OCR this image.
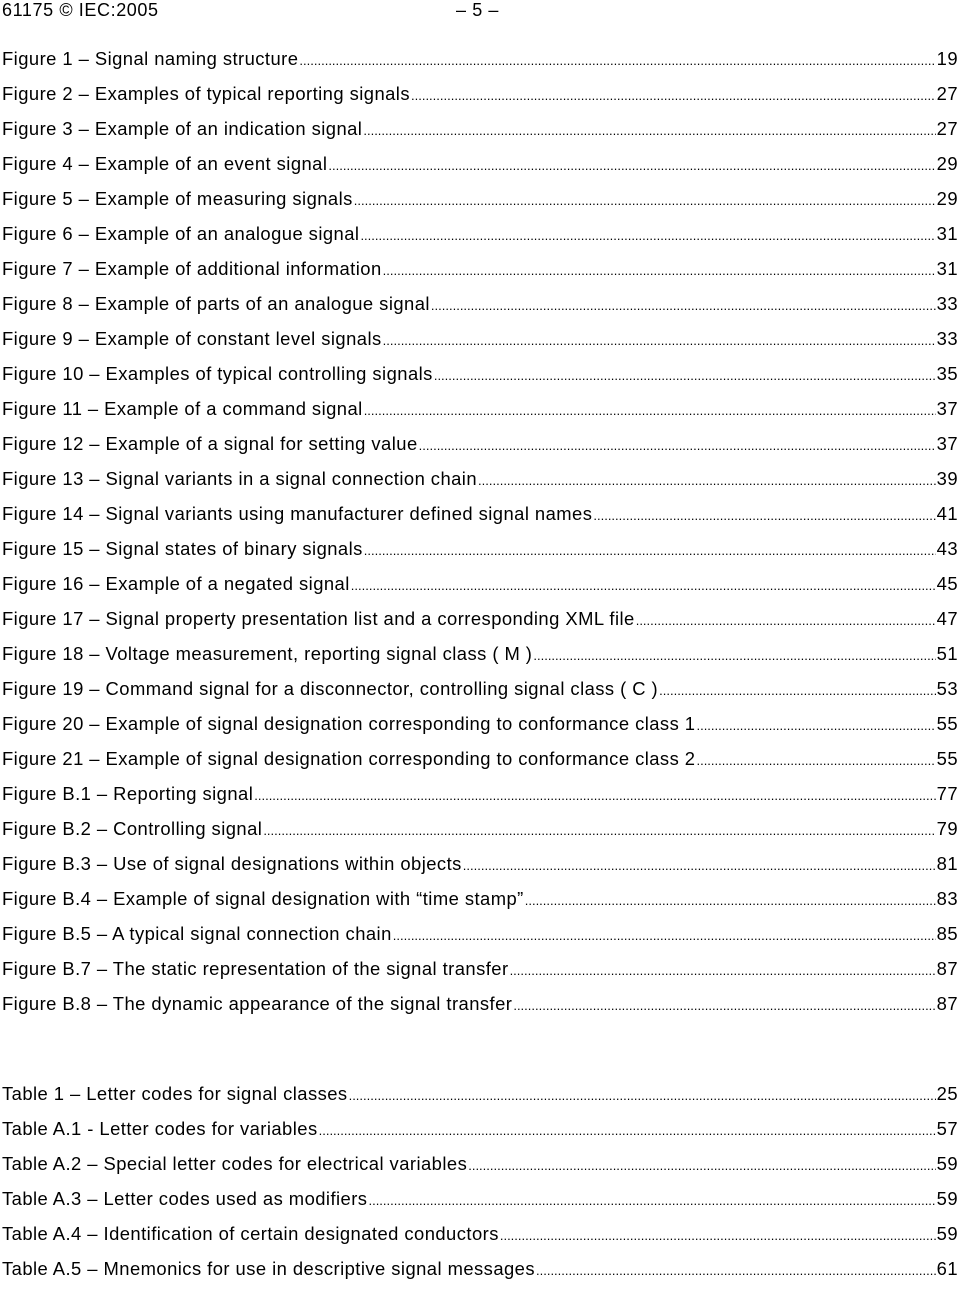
61175 © IEC:2005	– 5 –
Figure 1 – Signal naming structure .....	19
Figure 2 – Examples of typical reporting signals .....	27
Figure 3 – Example of an indication signal .....	27
Figure 4 – Example of an event signal .....	29
Figure 5 – Example of measuring signals .....	29
Figure 6 – Example of an analogue signal .....	31
Figure 7 – Example of additional information .....	31
Figure 8 – Example of parts of an analogue signal .....	33
Figure 9 – Example of constant level signals .....	33
Figure 10 – Examples of typical controlling signals .....	35
Figure 11 – Example of a command signal .....	37
Figure 12 – Example of a signal for setting value .....	37
Figure 13 – Signal variants in a signal connection chain .....	39
Figure 14 – Signal variants using manufacturer defined signal names .....	41
Figure 15 – Signal states of binary signals .....	43
Figure 16 – Example of a negated signal .....	45
Figure 17 – Signal property presentation list and a corresponding XML file .....	47
Figure 18 – Voltage measurement, reporting signal class ( M ) .....	51
Figure 19 – Command signal for a disconnector, controlling signal class ( C ) .....	53
Figure 20 – Example of signal designation corresponding to conformance class 1 .....	55
Figure 21 – Example of signal designation corresponding to conformance class 2 .....	55
Figure B.1 – Reporting signal .....	77
Figure B.2 – Controlling signal .....	79
Figure B.3 – Use of signal designations within objects .....	81
Figure B.4 – Example of signal designation with “time stamp” .....	83
Figure B.5 – A typical signal connection chain .....	85
Figure B.7 – The static representation of the signal transfer .....	87
Figure B.8 – The dynamic appearance of the signal transfer .....	87
Table 1 – Letter codes for signal classes .....	25
Table A.1 - Letter codes for variables .....	57
Table A.2 – Special letter codes for electrical variables .....	59
Table A.3 – Letter codes used as modifiers .....	59
Table A.4 – Identification of certain designated conductors .....	59
Table A.5 – Mnemonics for use in descriptive signal messages .....	61
